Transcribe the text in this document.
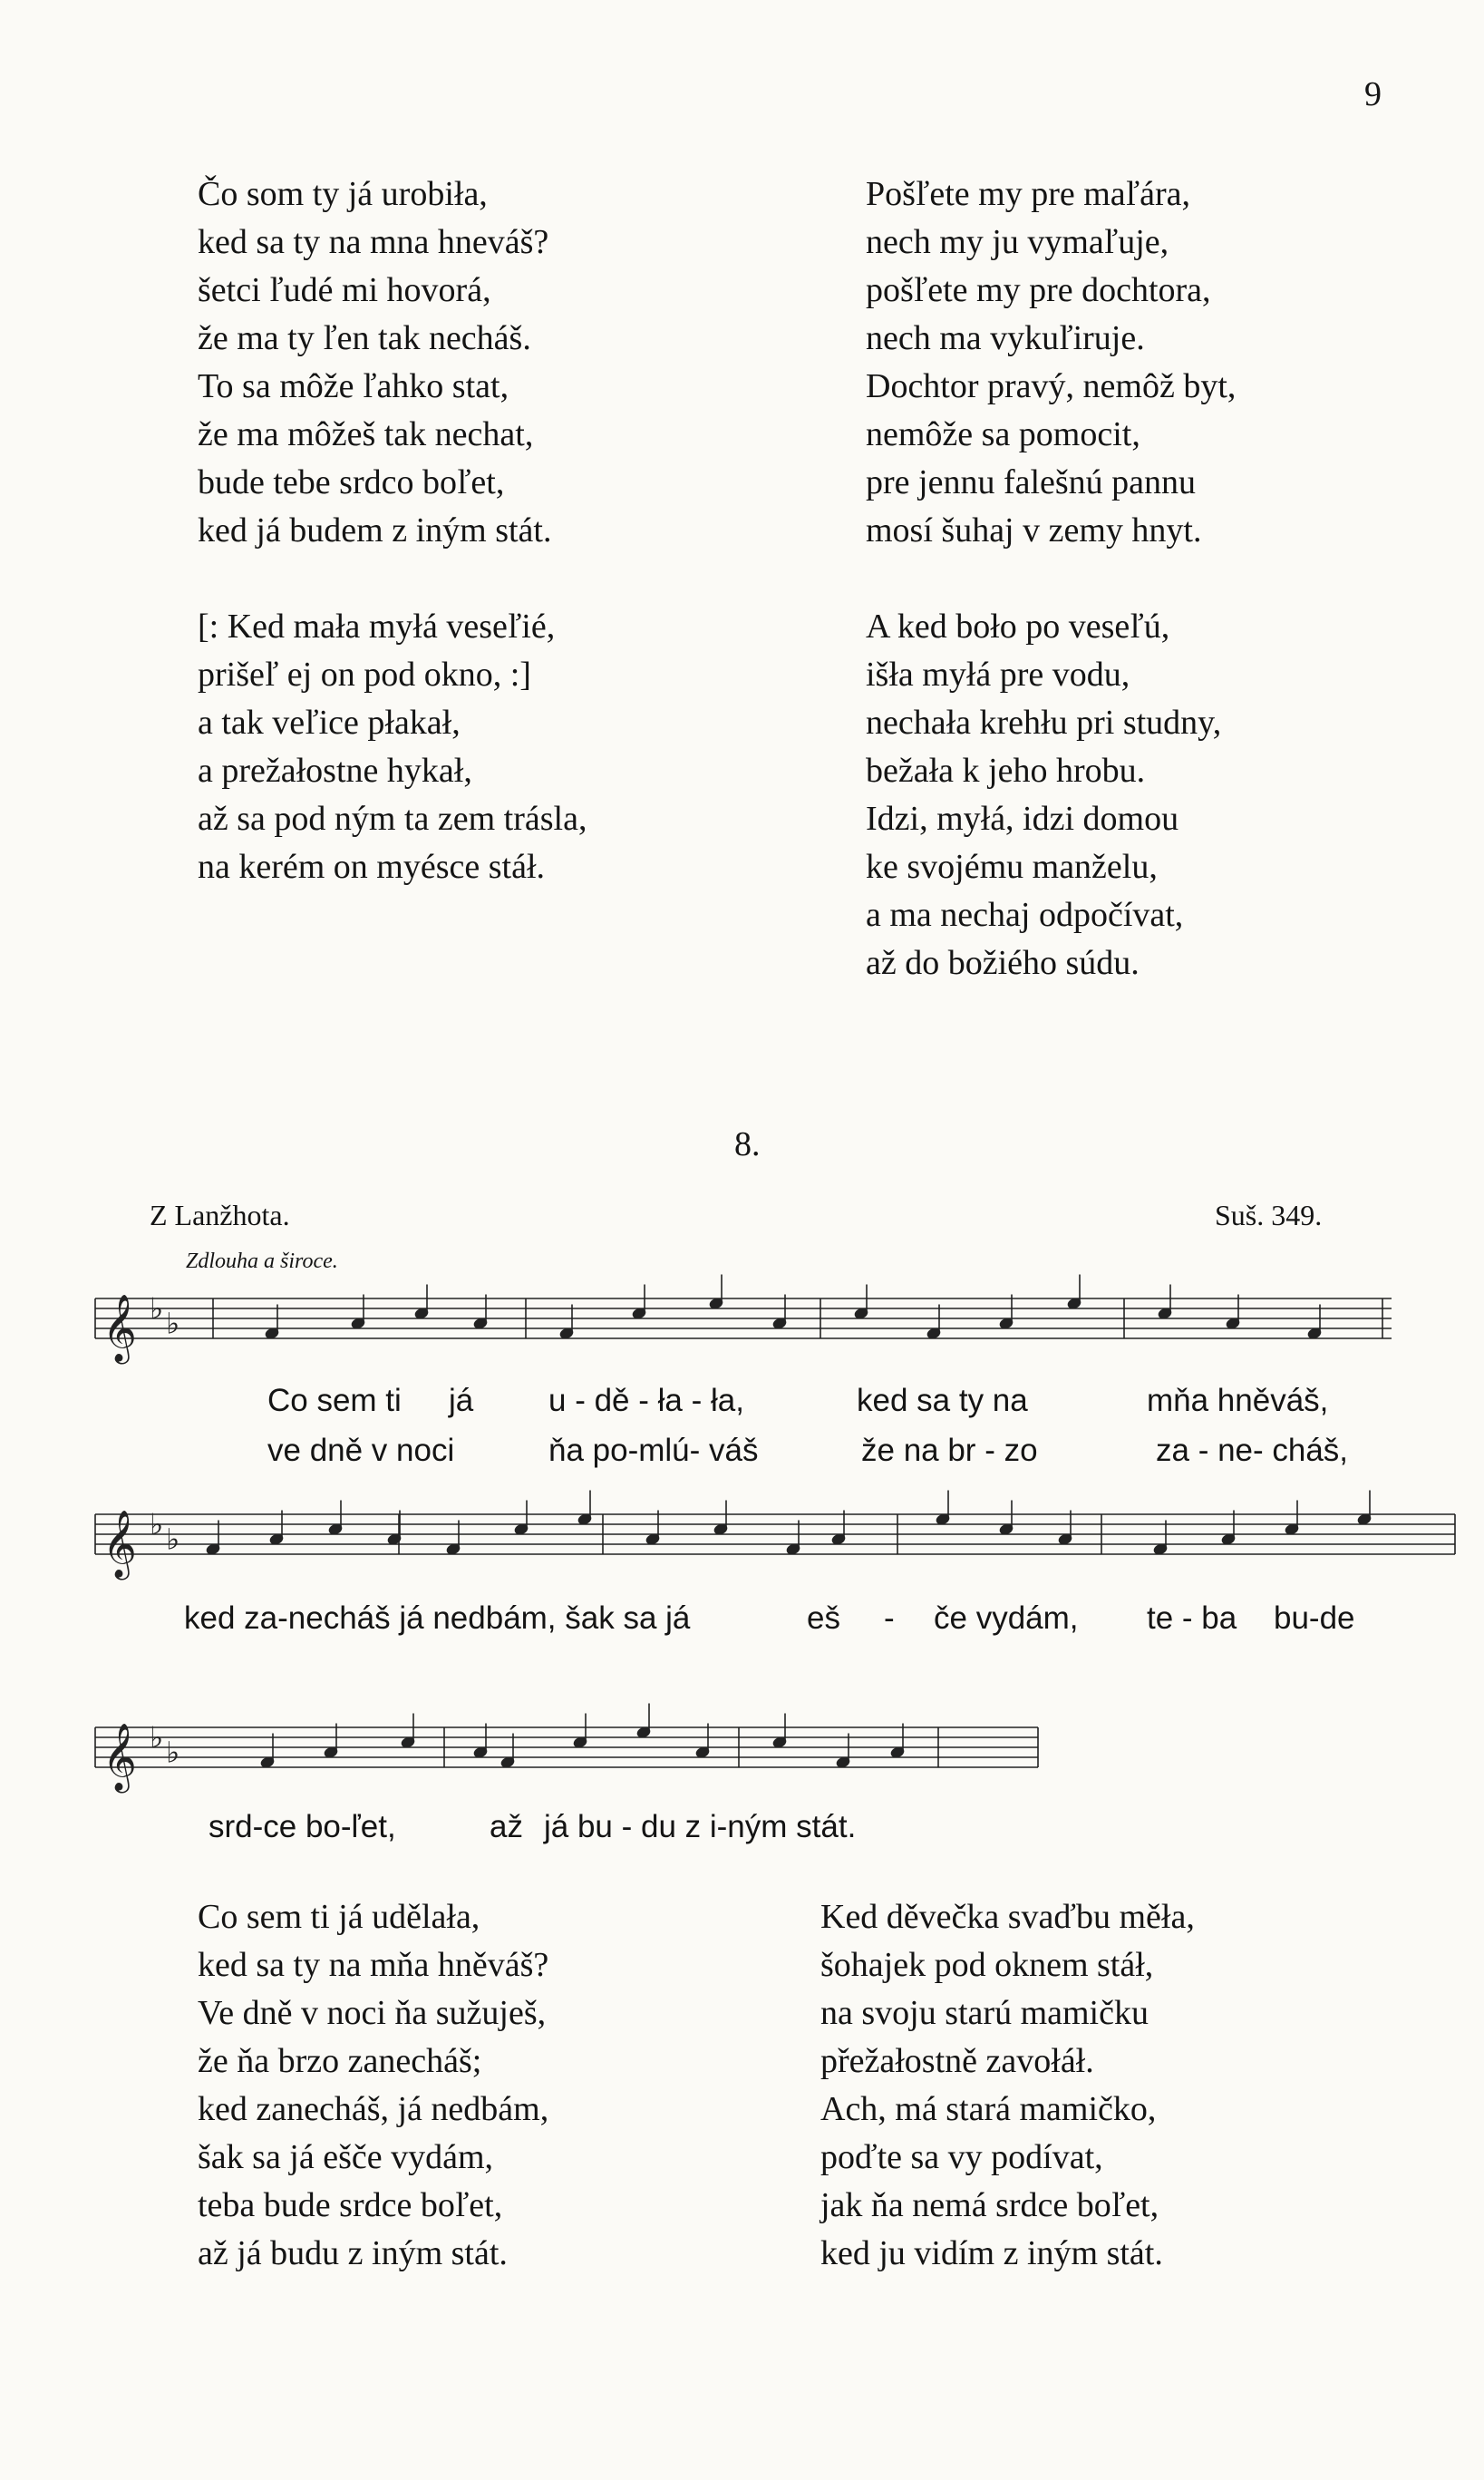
9
Čo som ty já urobiła,
ked sa ty na mna hneváš?
šetci ľudé mi hovorá,
že ma ty ľen tak necháš.
To sa môže ľahko stat,
že ma môžeš tak nechat,
bude tebe srdco boľet,
ked já budem z iným stát.
[: Ked mała myłá veseľié,
prišeľ ej on pod okno, :]
a tak veľice płakał,
a prežałostne hykał,
až sa pod ným ta zem trásla,
na kerém on myésce stáł.
Pošľete my pre maľára,
nech my ju vymaľuje,
pošľete my pre dochtora,
nech ma vykuľiruje.
Dochtor pravý, nemôž byt,
nemôže sa pomocit,
pre jennu falešnú pannu
mosí šuhaj v zemy hnyt.
A ked bołо po veseľú,
išła myłá pre vodu,
nechała krehłu pri studny,
bežała k jeho hrobu.
Idzi, myłá, idzi domou
ke svojému manželu,
a ma nechaj odpočívat,
až do božiého súdu.
8.
Z Lanžhota.	Suš. 349.
Zdlouha a široce.
𝄞 ♭ ♭
𝄞 ♭ ♭
𝄞 ♭ ♭
Co sem ti já u - dě - ła - ła,	ked sa ty na	mňa hněváš,
ve dně v noci	ňa po-mlú- váš	že na br - zo	za - ne- cháš,
ked za-necháš já nedbám, šak sa já	eš - če vydám, te - ba bu-de
srd-ce bo-ľet,	až já bu - du z i-ným stát.
Co sem ti já udělała,
ked sa ty na mňa hněváš?
Ve dně v noci ňa sužuješ,
že ňa brzo zanecháš;
ked zanecháš, já nedbám,
šak sa já ešče vydám,
teba bude srdce boľet,
až já budu z iným stát.
Ked děvečka svaďbu měła,
šohajek pod oknem stáł,
na svoju starú mamičku
přežałostně zavołáł.
Ach, má stará mamičko,
poďte sa vy podívat,
jak ňa nemá srdce boľet,
ked ju vidím z iným stát.
